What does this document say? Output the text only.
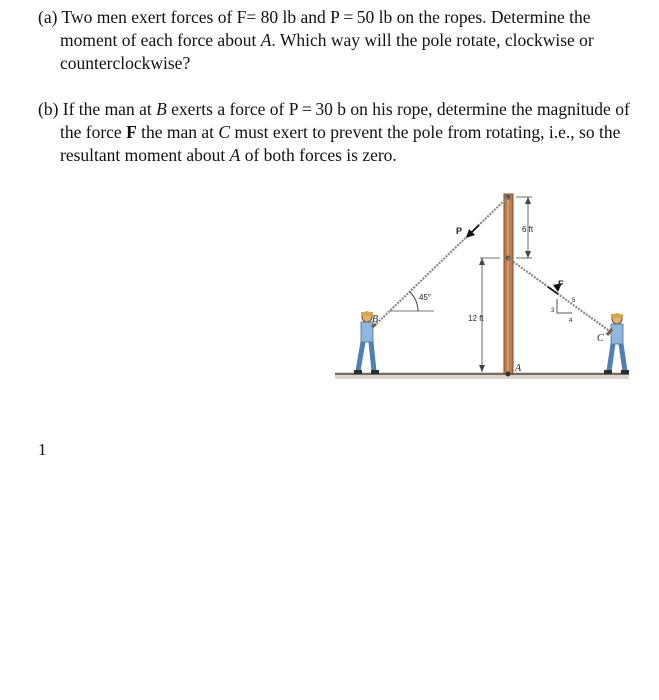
(a) Two men exert forces of F= 80 lb and P = 50 lb on the ropes. Determine the moment of each force about A. Which way will the pole rotate, clockwise or counterclockwise?

(b) If the man at B exerts a force of P = 30 b on his rope, determine the magnitude of the force F the man at C must exert to prevent the pole from rotating, i.e., so the resultant moment about A of both forces is zero.

P
F
A
B
C
45°
6 ft
12 ft
3
4
5
1
